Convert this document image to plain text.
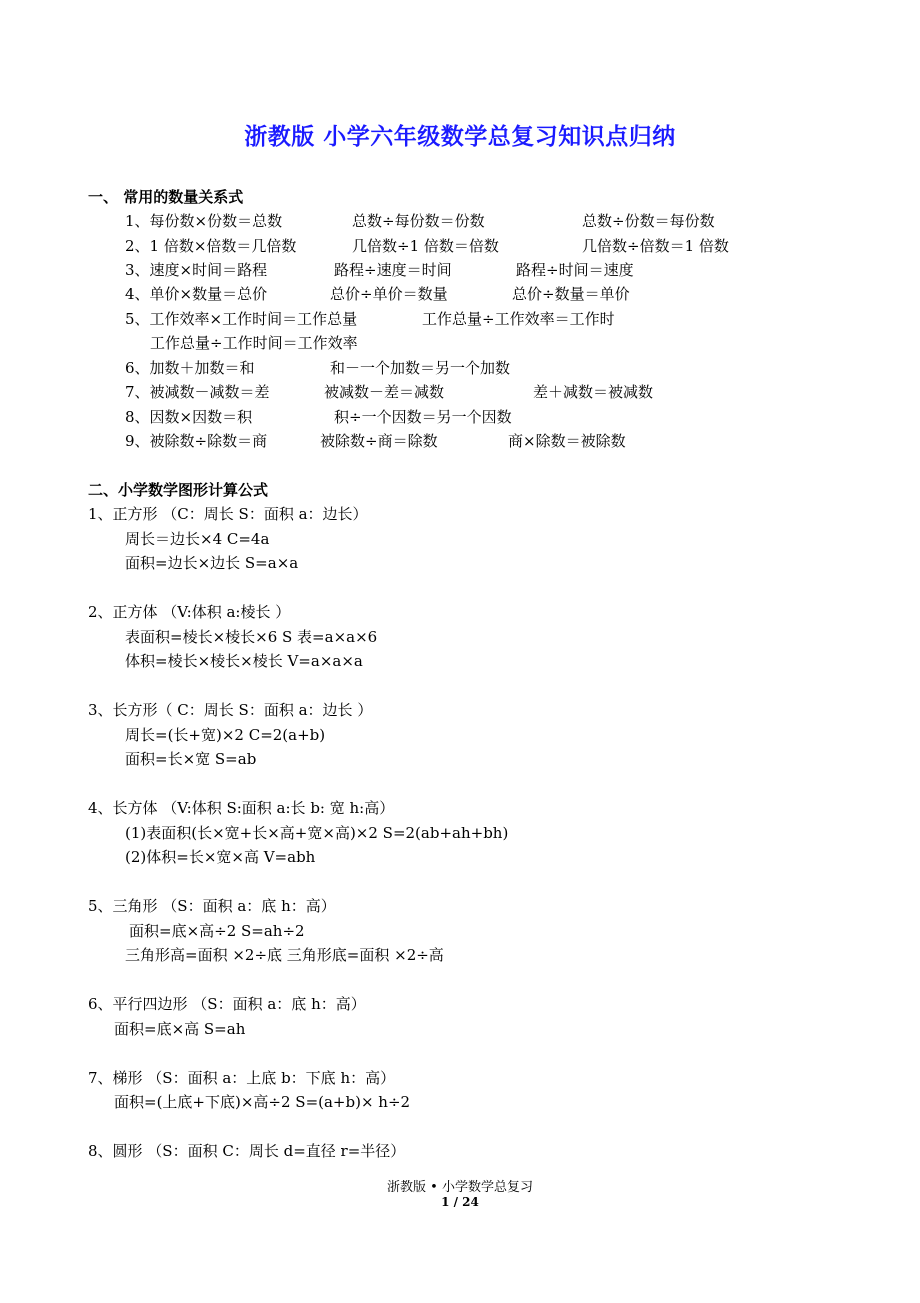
浙教版 小学六年级数学总复习知识点归纳
一、 常用的数量关系式
1、每份数×份数＝总数	总数÷每份数＝份数	总数÷份数＝每份数
2、1 倍数×倍数＝几倍数	几倍数÷1 倍数＝倍数	几倍数÷倍数＝1 倍数
3、速度×时间＝路程	路程÷速度＝时间	路程÷时间＝速度
4、单价×数量＝总价	总价÷单价＝数量	总价÷数量＝单价
5、工作效率×工作时间＝工作总量	工作总量÷工作效率＝工作时
工作总量÷工作时间＝工作效率
6、加数＋加数＝和	和－一个加数＝另一个加数
7、被减数－减数＝差	被减数－差＝减数	差＋减数＝被减数
8、因数×因数＝积	积÷一个因数＝另一个因数
9、被除数÷除数＝商	被除数÷商＝除数	商×除数＝被除数
二、小学数学图形计算公式
1、正方形 （C：周长 S：面积 a：边长）
周长＝边长×4 C=4a
面积=边长×边长 S=a×a
2、正方体 （V:体积 a:棱长 ）
表面积=棱长×棱长×6 S 表=a×a×6
体积=棱长×棱长×棱长 V=a×a×a
3、长方形（ C：周长 S：面积 a：边长 ）
周长=(长+宽)×2 C=2(a+b)
面积=长×宽 S=ab
4、长方体 （V:体积 S:面积 a:长 b: 宽 h:高）
(1)表面积(长×宽+长×高+宽×高)×2 S=2(ab+ah+bh)
(2)体积=长×宽×高 V=abh
5、三角形 （S：面积 a：底 h：高）
面积=底×高÷2 S=ah÷2
三角形高=面积 ×2÷底 三角形底=面积 ×2÷高
6、平行四边形 （S：面积 a：底 h：高）
面积=底×高 S=ah
7、梯形 （S：面积 a：上底 b：下底 h：高）
面积=(上底+下底)×高÷2 S=(a+b)× h÷2
8、圆形 （S：面积 C：周长 d=直径 r=半径）
浙教版 • 小学数学总复习
1 / 24
